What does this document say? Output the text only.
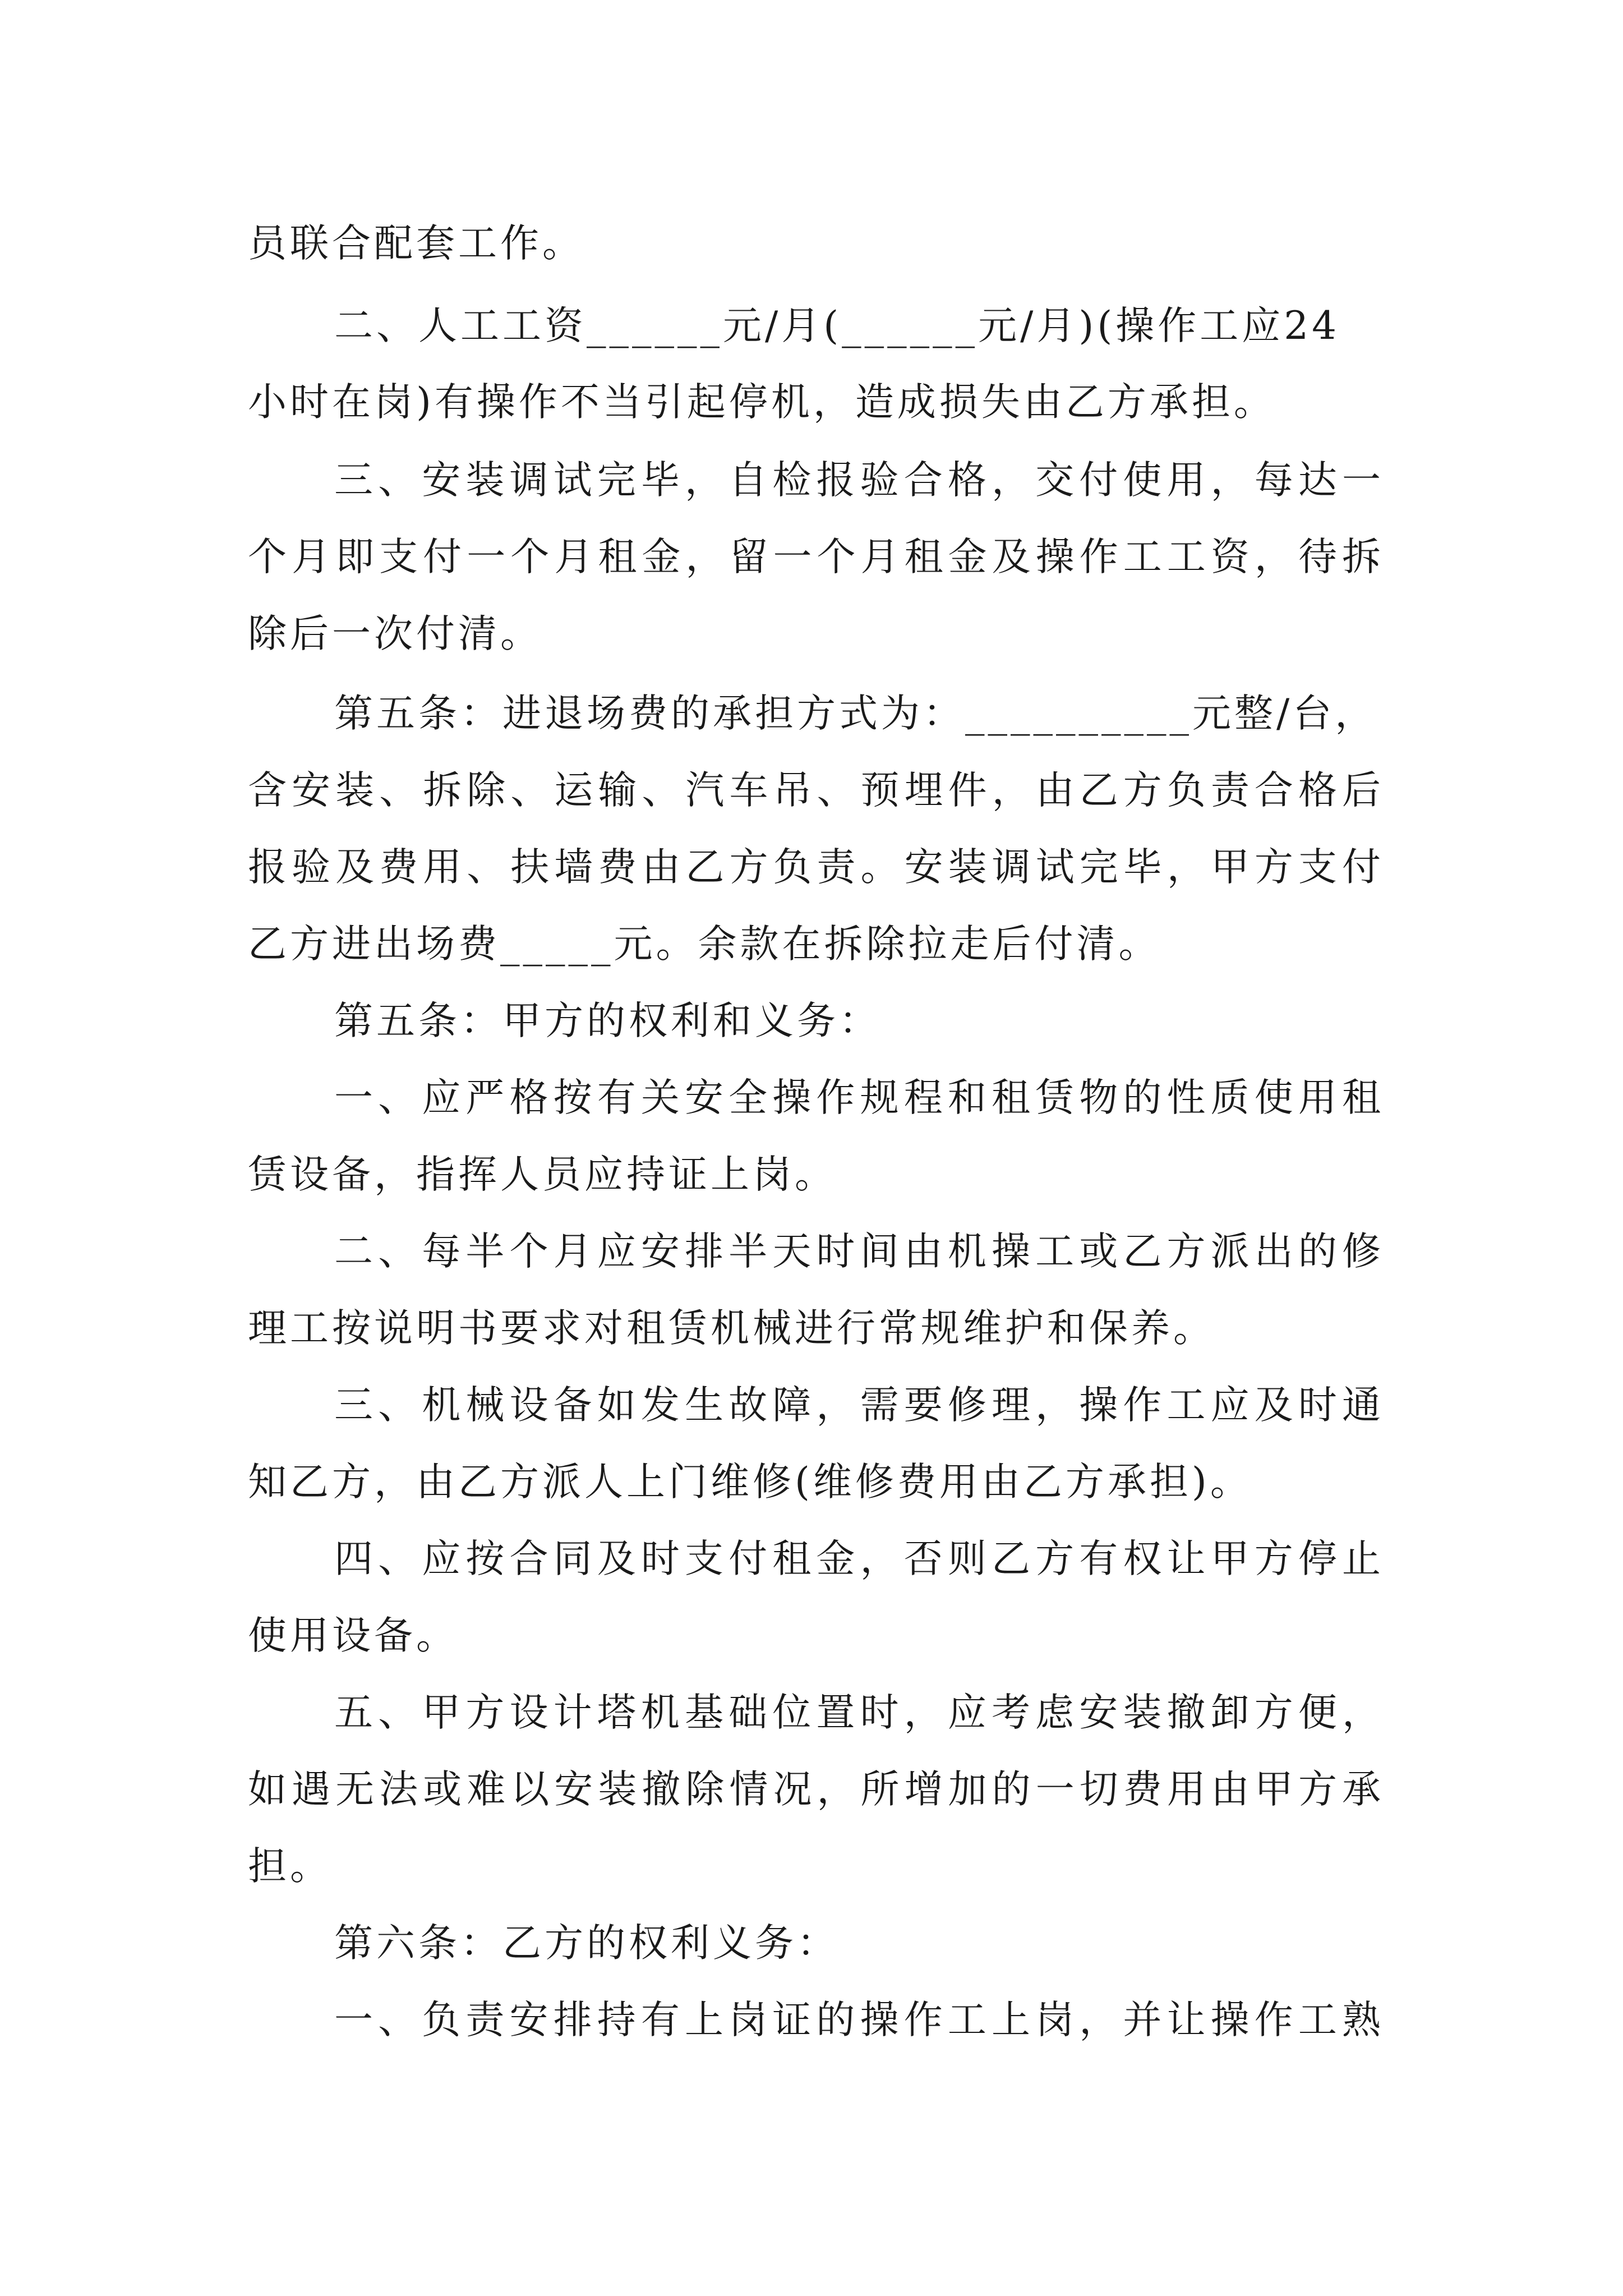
员联合配套工作。
二、人工工资______元/月(______元/月)(操作工应24
小时在岗)有操作不当引起停机，造成损失由乙方承担。
三、安装调试完毕，自检报验合格，交付使用，每达一
个月即支付一个月租金，留一个月租金及操作工工资，待拆
除后一次付清。
第五条：进退场费的承担方式为：__________元整/台，
含安装、拆除、运输、汽车吊、预埋件，由乙方负责合格后
报验及费用、扶墙费由乙方负责。安装调试完毕，甲方支付
乙方进出场费_____元。余款在拆除拉走后付清。
第五条：甲方的权利和义务：
一、应严格按有关安全操作规程和租赁物的性质使用租
赁设备，指挥人员应持证上岗。
二、每半个月应安排半天时间由机操工或乙方派出的修
理工按说明书要求对租赁机械进行常规维护和保养。
三、机械设备如发生故障，需要修理，操作工应及时通
知乙方，由乙方派人上门维修(维修费用由乙方承担)。
四、应按合同及时支付租金，否则乙方有权让甲方停止
使用设备。
五、甲方设计塔机基础位置时，应考虑安装撤卸方便，
如遇无法或难以安装撤除情况，所增加的一切费用由甲方承
担。
第六条：乙方的权利义务：
一、负责安排持有上岗证的操作工上岗，并让操作工熟
